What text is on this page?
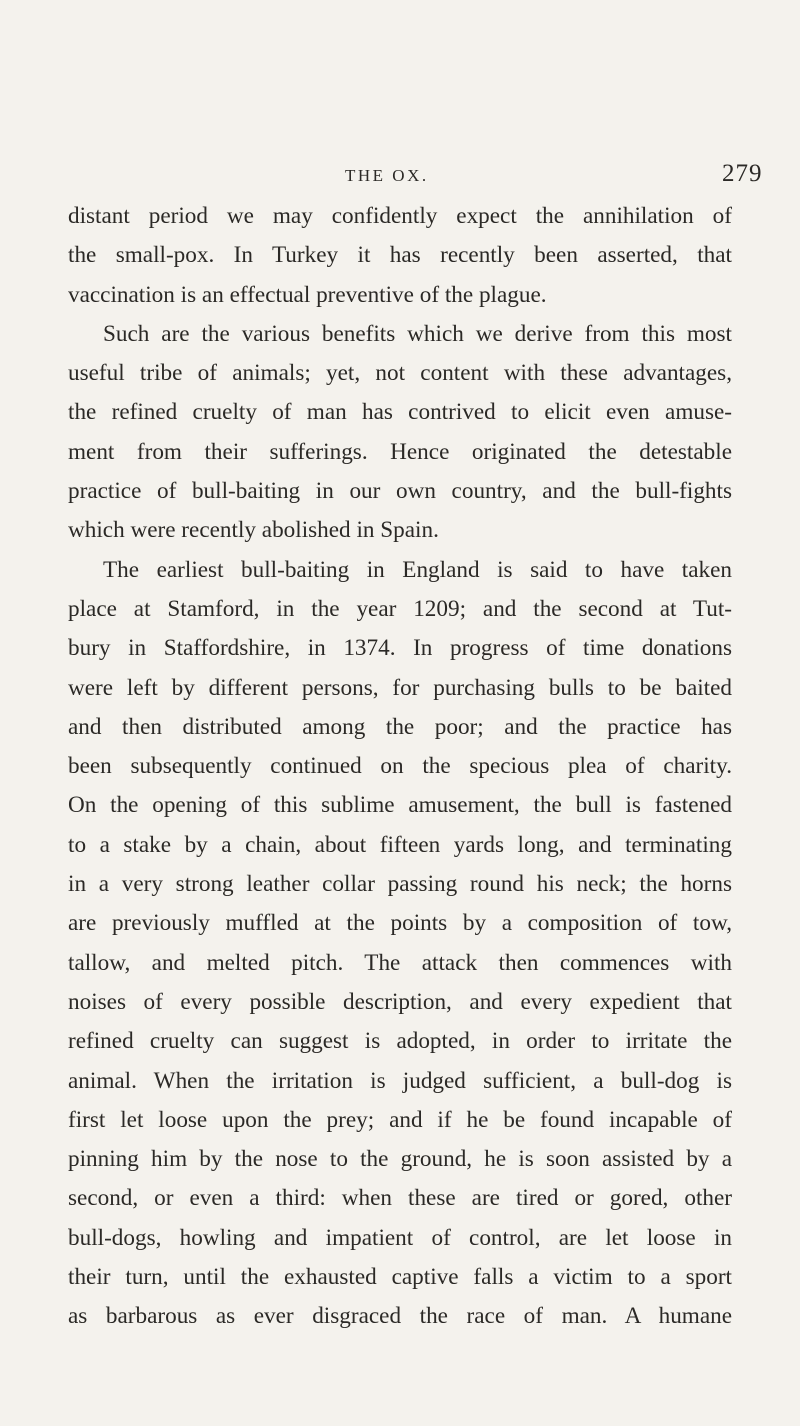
THE OX.	279
distant period we may confidently expect the annihilation of
the small-pox. In Turkey it has recently been asserted, that
vaccination is an effectual preventive of the plague.
Such are the various benefits which we derive from this most
useful tribe of animals; yet, not content with these advantages,
the refined cruelty of man has contrived to elicit even amuse-
ment from their sufferings. Hence originated the detestable
practice of bull-baiting in our own country, and the bull-fights
which were recently abolished in Spain.
The earliest bull-baiting in England is said to have taken
place at Stamford, in the year 1209; and the second at Tut-
bury in Staffordshire, in 1374. In progress of time donations
were left by different persons, for purchasing bulls to be baited
and then distributed among the poor; and the practice has
been subsequently continued on the specious plea of charity.
On the opening of this sublime amusement, the bull is fastened
to a stake by a chain, about fifteen yards long, and terminating
in a very strong leather collar passing round his neck; the horns
are previously muffled at the points by a composition of tow,
tallow, and melted pitch. The attack then commences with
noises of every possible description, and every expedient that
refined cruelty can suggest is adopted, in order to irritate the
animal. When the irritation is judged sufficient, a bull-dog is
first let loose upon the prey; and if he be found incapable of
pinning him by the nose to the ground, he is soon assisted by a
second, or even a third: when these are tired or gored, other
bull-dogs, howling and impatient of control, are let loose in
their turn, until the exhausted captive falls a victim to a sport
as barbarous as ever disgraced the race of man. A humane
